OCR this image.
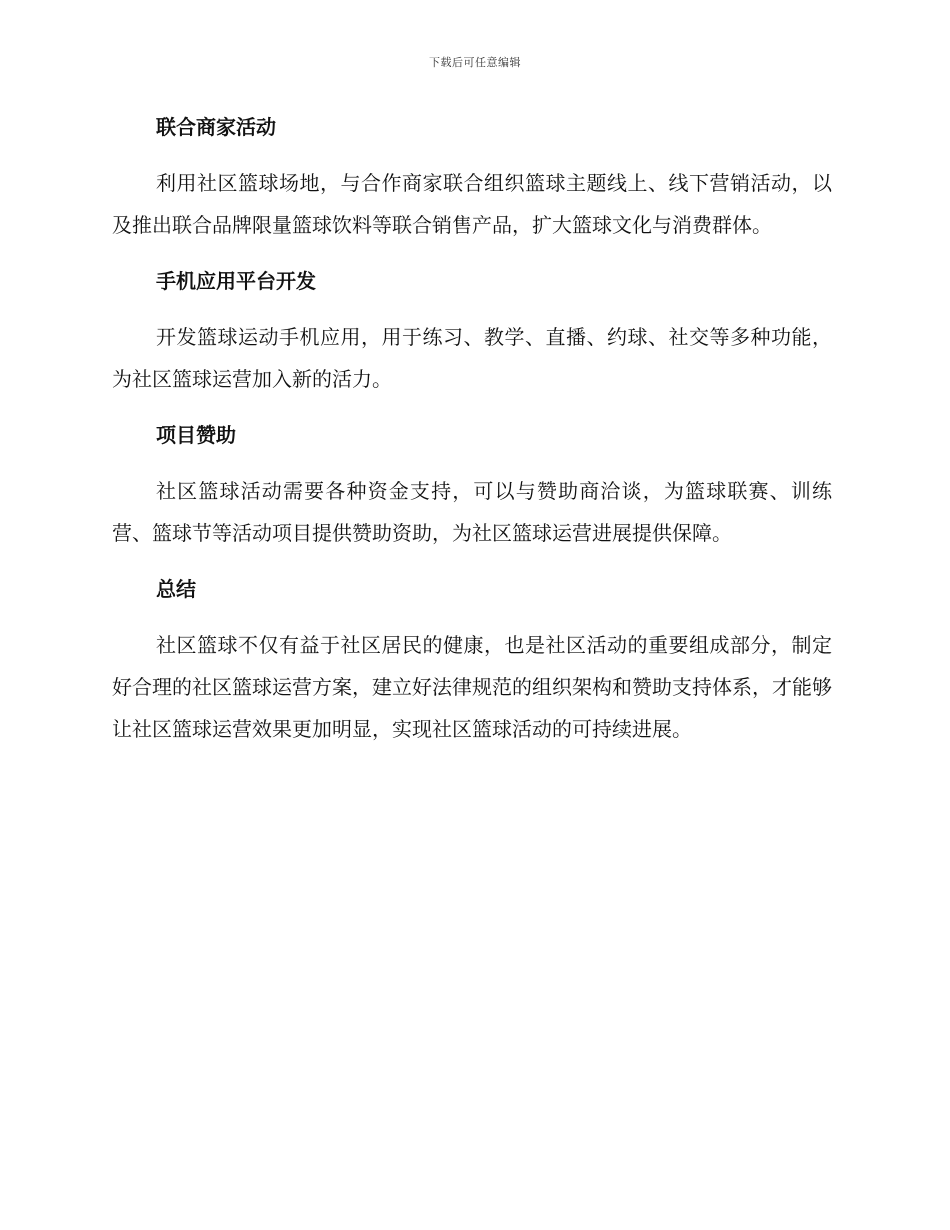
下载后可任意编辑
联合商家活动

利用社区篮球场地，与合作商家联合组织篮球主题线上、线下营销活动，以及推出联合品牌限量篮球饮料等联合销售产品，扩大篮球文化与消费群体。

手机应用平台开发

开发篮球运动手机应用，用于练习、教学、直播、约球、社交等多种功能，为社区篮球运营加入新的活力。

项目赞助

社区篮球活动需要各种资金支持，可以与赞助商洽谈，为篮球联赛、训练营、篮球节等活动项目提供赞助资助，为社区篮球运营进展提供保障。

总结

社区篮球不仅有益于社区居民的健康，也是社区活动的重要组成部分，制定好合理的社区篮球运营方案，建立好法律规范的组织架构和赞助支持体系，才能够让社区篮球运营效果更加明显，实现社区篮球活动的可持续进展。
